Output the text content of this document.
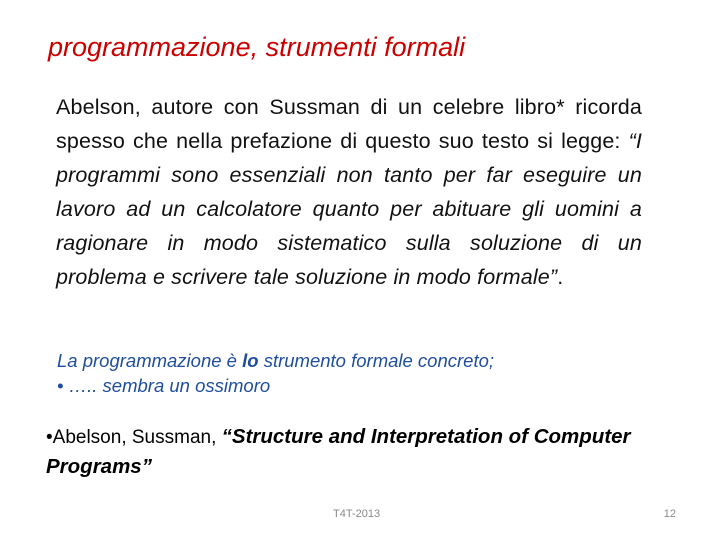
programmazione, strumenti formali
Abelson, autore con Sussman di un celebre libro* ricorda spesso che nella prefazione di questo suo testo si legge: “I programmi sono essenziali non tanto per far eseguire un lavoro ad un calcolatore quanto per abituare gli uomini a ragionare in modo sistematico sulla soluzione di un problema e scrivere tale soluzione in modo formale”.
La programmazione è lo strumento formale concreto;
• ….. sembra un ossimoro
•Abelson, Sussman, “Structure and Interpretation of Computer Programs”
T4T-2013	12
